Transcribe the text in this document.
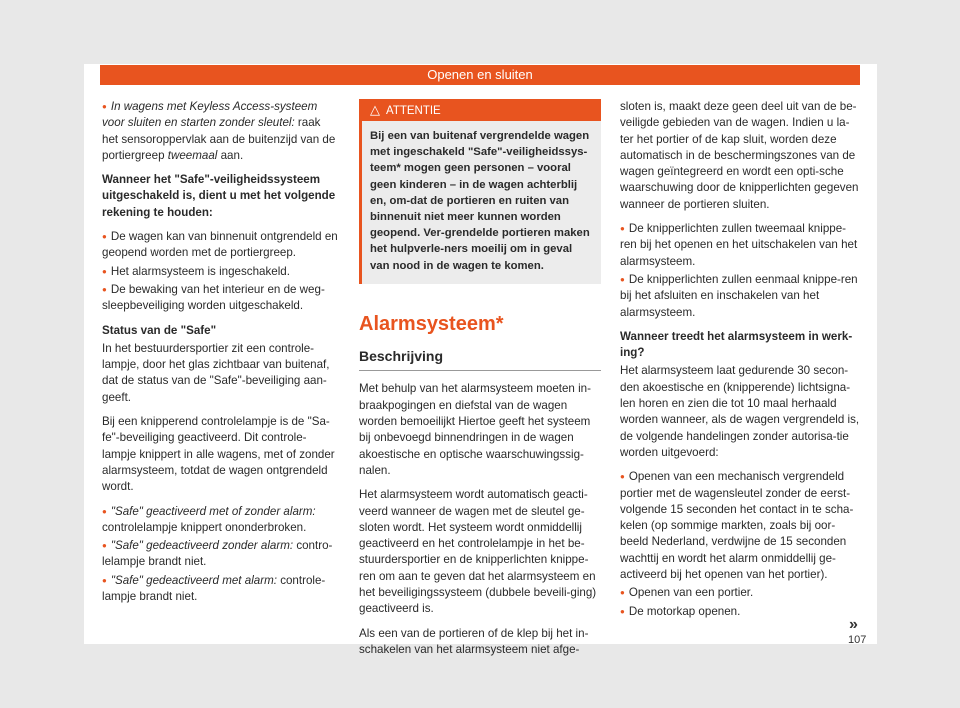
Openen en sluiten

● In wagens met Keyless Access-systeem voor sluiten en starten zonder sleutel: raak het sensoroppervlak aan de buitenzijd van de portiergreep tweemaal aan.

Wanneer het "Safe"-veiligheidssysteem uitgeschakeld is, dient u met het volgende rekening te houden:

● De wagen kan van binnenuit ontgrendeld en geopend worden met de portiergreep.

● Het alarmsysteem is ingeschakeld.

● De bewaking van het interieur en de weg-sleepbeveiliging worden uitgeschakeld.

Status van de "Safe"

In het bestuurdersportier zit een controle-lampje, door het glas zichtbaar van buitenaf, dat de status van de "Safe"-beveiliging aan-geeft.

Bij een knipperend controlelampje is de "Sa-fe"-beveiliging geactiveerd. Dit controle-lampje knippert in alle wagens, met of zonder alarmsysteem, totdat de wagen ontgrendeld wordt.

● "Safe" geactiveerd met of zonder alarm: controlelampje knippert ononderbroken.

● "Safe" gedeactiveerd zonder alarm: contro-lelampje brandt niet.

● "Safe" gedeactiveerd met alarm: controle-lampje brandt niet.

△ ATTENTIE
Bij een van buitenaf vergrendelde wagen met ingeschakeld "Safe"-veiligheidssys-teem* mogen geen personen – vooral geen kinderen – in de wagen achterblij en, om-dat de portieren en ruiten van binnenuit niet meer kunnen worden geopend. Ver-grendelde portieren maken het hulpverle-ners moeilij om in geval van nood in de wagen te komen.
Alarmsysteem*
Beschrijving

Met behulp van het alarmsysteem moeten in-braakpogingen en diefstal van de wagen worden bemoeilijkt Hiertoe geeft het systeem bij onbevoegd binnendringen in de wagen akoestische en optische waarschuwingssig-nalen.

Het alarmsysteem wordt automatisch geacti-veerd wanneer de wagen met de sleutel ge-sloten wordt. Het systeem wordt onmiddellij geactiveerd en het controlelampje in het be-stuurdersportier en de knipperlichten knippe-ren om aan te geven dat het alarmsysteem en het beveiligingssysteem (dubbele beveili-ging) geactiveerd is.

Als een van de portieren of de klep bij het in-schakelen van het alarmsysteem niet afge-

sloten is, maakt deze geen deel uit van de be-veiligde gebieden van de wagen. Indien u la-ter het portier of de kap sluit, worden deze automatisch in de beschermingszones van de wagen geïntegreerd en wordt een opti-sche waarschuwing door de knipperlichten gegeven wanneer de portieren sluiten.

● De knipperlichten zullen tweemaal knippe-ren bij het openen en het uitschakelen van het alarmsysteem.

● De knipperlichten zullen eenmaal knippe-ren bij het afsluiten en inschakelen van het alarmsysteem.

Wanneer treedt het alarmsysteem in werk-ing?

Het alarmsysteem laat gedurende 30 secon-den akoestische en (knipperende) lichtsigna-len horen en zien die tot 10 maal herhaald worden wanneer, als de wagen vergrendeld is, de volgende handelingen zonder autorisa-tie worden uitgevoerd:

● Openen van een mechanisch vergrendeld portier met de wagensleutel zonder de eerst-volgende 15 seconden het contact in te scha-kelen (op sommige markten, zoals bij oor-beeld Nederland, verdwijne de 15 seconden wachttij en wordt het alarm onmiddellij ge-activeerd bij het openen van het portier).

● Openen van een portier.

● De motorkap openen.

»
107
